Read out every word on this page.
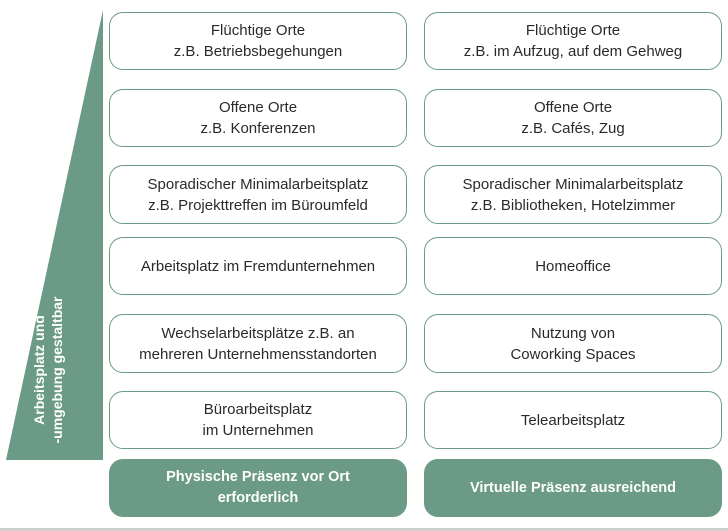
Arbeitsplatz und -umgebung gestaltbar
Flüchtige Orte
z.B. Betriebsbegehungen
Flüchtige Orte
z.B. im Aufzug, auf dem Gehweg
Offene Orte
z.B. Konferenzen
Offene Orte
z.B. Cafés, Zug
Sporadischer Minimalarbeitsplatz
z.B. Projekttreffen im Büroumfeld
Sporadischer Minimalarbeitsplatz
z.B. Bibliotheken, Hotelzimmer
Arbeitsplatz im Fremdunternehmen	Homeoffice
Wechselarbeitsplätze z.B. an
mehreren Unternehmensstandorten
Nutzung von
Coworking Spaces
Büroarbeitsplatz
im Unternehmen
Telearbeitsplatz
Physische Präsenz vor Ort
erforderlich
Virtuelle Präsenz ausreichend
